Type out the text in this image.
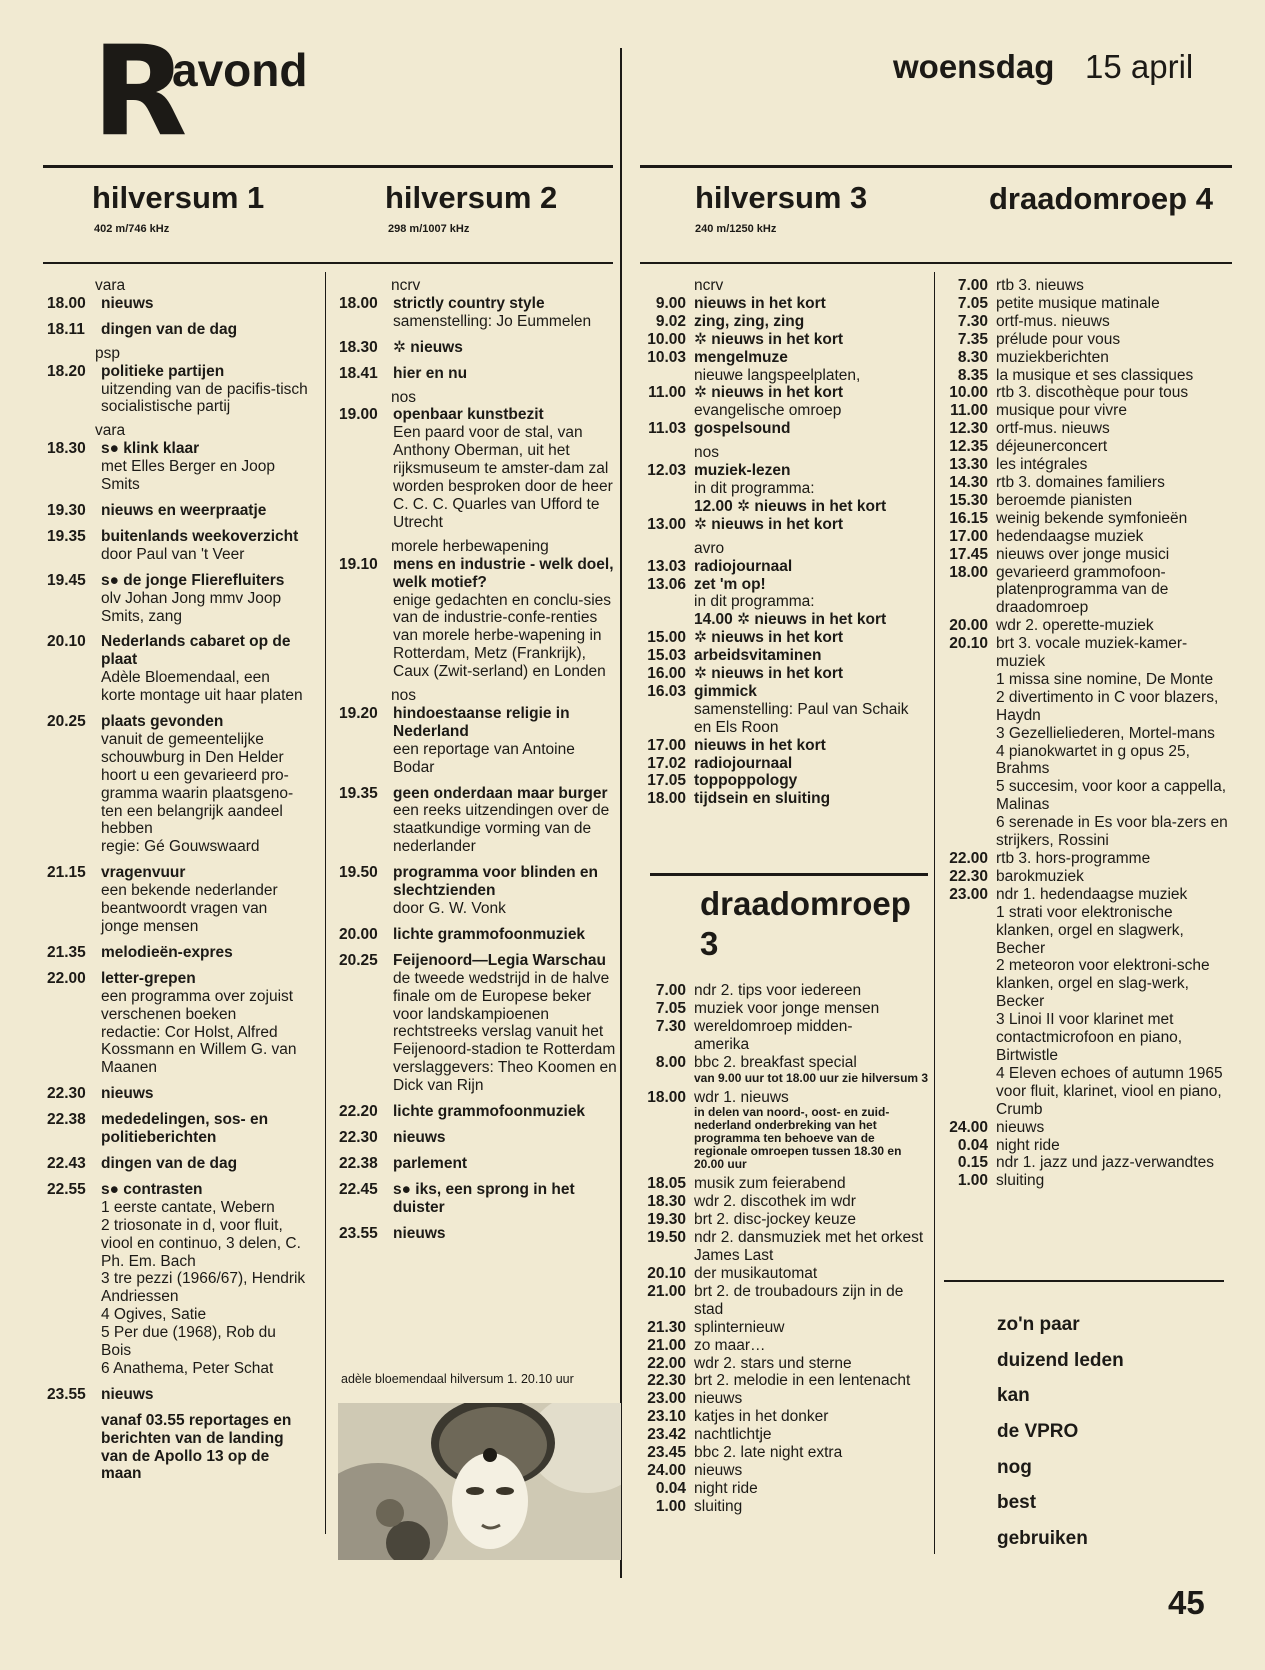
R
avond	woensdag 15 april
hilversum 1
402 m/746 kHz
hilversum 2
298 m/1007 kHz
hilversum 3
240 m/1250 kHz
draadomroep 4
vara
18.00 nieuws
18.11	dingen van de dag
psp
18.20 politieke partijen
uitzending van de pacifis-tisch socialistische partij
vara
18.30 s● klink klaar
met Elles Berger en Joop Smits
19.30 nieuws en weerpraatje
19.35 buitenlands weekoverzicht
door Paul van 't Veer
19.45 s● de jonge Flierefluiters
olv Johan Jong mmv Joop Smits, zang
20.10 Nederlands cabaret op de plaat
Adèle Bloemendaal, een korte montage uit haar platen
20.25 plaats gevonden
vanuit de gemeentelijke schouwburg in Den Helder hoort u een gevarieerd pro-gramma waarin plaatsgeno-ten een belangrijk aandeel hebben
regie: Gé Gouwswaard
21.15 vragenvuur
een bekende nederlander beantwoordt vragen van jonge mensen
21.35 melodieën-expres
22.00 letter-grepen
een programma over zojuist verschenen boeken
redactie: Cor Holst, Alfred Kossmann en Willem G. van Maanen
22.30 nieuws
22.38 mededelingen, sos- en politieberichten
22.43 dingen van de dag
22.55 s● contrasten
1 eerste cantate, Webern
2 triosonate in d, voor fluit, viool en continuo, 3 delen, C. Ph. Em. Bach
3 tre pezzi (1966/67), Hendrik Andriessen
4 Ogives, Satie
5 Per due (1968), Rob du Bois
6 Anathema, Peter Schat
23.55 nieuws
vanaf 03.55 reportages en berichten van de landing van de Apollo 13 op de maan
ncrv
18.00 strictly country style
samenstelling: Jo Eummelen
18.30 ✲ nieuws
18.41 hier en nu
nos
19.00 openbaar kunstbezit
Een paard voor de stal, van Anthony Oberman, uit het rijksmuseum te amster-dam zal worden besproken door de heer C. C. C. Quarles van Ufford te Utrecht
morele herbewapening
19.10 mens en industrie - welk doel, welk motief?
enige gedachten en conclu-sies van de industrie-confe-renties van morele herbe-wapening in Rotterdam, Metz (Frankrijk), Caux (Zwit-serland) en Londen
nos
19.20 hindoestaanse religie in Nederland
een reportage van Antoine Bodar
19.35 geen onderdaan maar burger
een reeks uitzendingen over de staatkundige vorming van de nederlander
19.50 programma voor blinden en slechtzienden
door G. W. Vonk
20.00 lichte grammofoonmuziek
20.25 Feijenoord—Legia Warschau
de tweede wedstrijd in de halve finale om de Europese beker voor landskampioenen rechtstreeks verslag vanuit het Feijenoord-stadion te Rotterdam
verslaggevers: Theo Koomen en Dick van Rijn
22.20 lichte grammofoonmuziek
22.30 nieuws
22.38 parlement
22.45 s● iks, een sprong in het duister
23.55 nieuws
adèle bloemendaal hilversum 1. 20.10 uur
ncrv
9.00 nieuws in het kort
9.02 zing, zing, zing
10.00 ✲ nieuws in het kort
10.03 mengelmuze
nieuwe langspeelplaten,
11.00 ✲ nieuws in het kort
evangelische omroep
11.03 gospelsound
nos
12.03 muziek-lezen
in dit programma:
12.00 ✲ nieuws in het kort
13.00 ✲ nieuws in het kort
avro
13.03 radiojournaal
13.06 zet 'm op!
in dit programma:
14.00 ✲ nieuws in het kort
15.00 ✲ nieuws in het kort
15.03 arbeidsvitaminen
16.00 ✲ nieuws in het kort
16.03 gimmick
samenstelling: Paul van Schaik en Els Roon
17.00 nieuws in het kort
17.02 radiojournaal
17.05 toppoppology
18.00 tijdsein en sluiting
draadomroep 3
7.00 ndr 2. tips voor iedereen
7.05 muziek voor jonge mensen
7.30 wereldomroep midden-amerika
8.00 bbc 2. breakfast special
van 9.00 uur tot 18.00 uur zie hilversum 3
18.00 wdr 1. nieuws
in delen van noord-, oost- en zuid-nederland onderbreking van het programma ten behoeve van de regionale omroepen tussen 18.30 en 20.00 uur
18.05 musik zum feierabend
18.30 wdr 2. discothek im wdr
19.30 brt 2. disc-jockey keuze
19.50 ndr 2. dansmuziek met het orkest James Last
20.10 der musikautomat
21.00 brt 2. de troubadours zijn in de stad
21.30 splinternieuw
21.00 zo maar…
22.00 wdr 2. stars und sterne
22.30 brt 2. melodie in een lentenacht
23.00 nieuws
23.10 katjes in het donker
23.42 nachtlichtje
23.45 bbc 2. late night extra
24.00 nieuws
0.04 night ride
1.00 sluiting
7.00 rtb 3. nieuws
7.05 petite musique matinale
7.30 ortf-mus. nieuws
7.35 prélude pour vous
8.30 muziekberichten
8.35 la musique et ses classiques
10.00 rtb 3. discothèque pour tous
11.00 musique pour vivre
12.30 ortf-mus. nieuws
12.35 déjeunerconcert
13.30 les intégrales
14.30 rtb 3. domaines familiers
15.30 beroemde pianisten
16.15 weinig bekende symfonieën
17.00 hedendaagse muziek
17.45 nieuws over jonge musici
18.00 gevarieerd grammofoon-platenprogramma van de draadomroep
20.00 wdr 2. operette-muziek
20.10 brt 3. vocale muziek-kamer-muziek
1 missa sine nomine, De Monte
2 divertimento in C voor blazers, Haydn
3 Gezellieliederen, Mortel-mans
4 pianokwartet in g opus 25, Brahms
5 succesim, voor koor a cappella, Malinas
6 serenade in Es voor bla-zers en strijkers, Rossini
22.00 rtb 3. hors-programme
22.30 barokmuziek
23.00 ndr 1. hedendaagse muziek
1 strati voor elektronische klanken, orgel en slagwerk, Becher
2 meteoron voor elektroni-sche klanken, orgel en slag-werk, Becker
3 Linoi II voor klarinet met contactmicrofoon en piano, Birtwistle
4 Eleven echoes of autumn 1965 voor fluit, klarinet, viool en piano, Crumb
24.00 nieuws
0.04 night ride
0.15 ndr 1. jazz und jazz-verwandtes
1.00 sluiting
zo'n paar
duizend leden
kan
de VPRO
nog
best
gebruiken
45
